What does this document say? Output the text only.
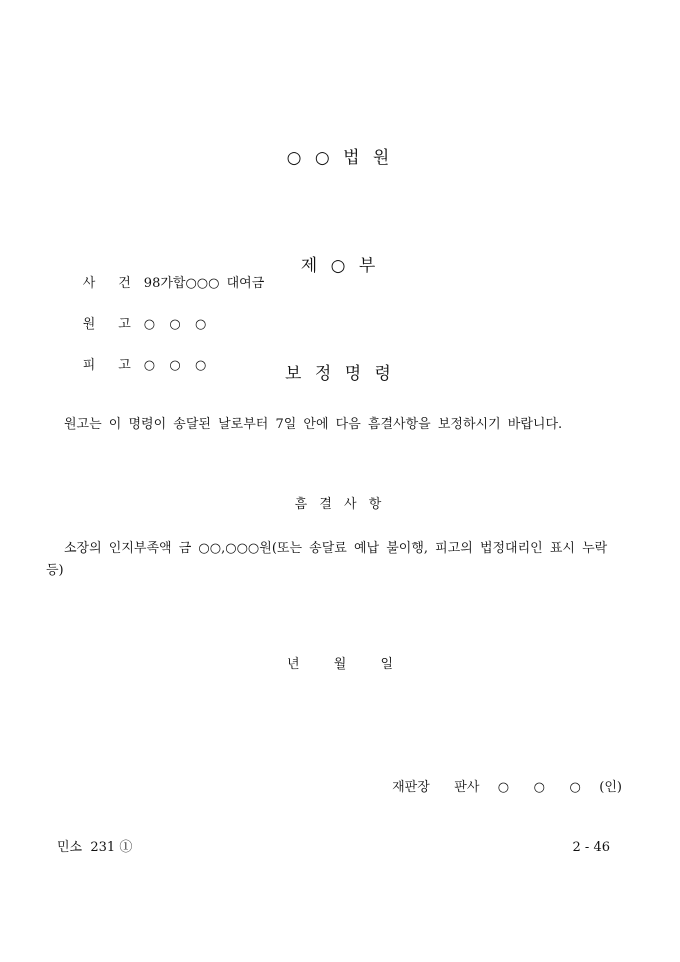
○ ○ 법 원

제 ○ 부

보 정 명 령

사 건 98가합○○○ 대여금

원 고 ○  ○  ○

피 고 ○  ○  ○

원고는 이 명령이 송달된 날로부터 7일 안에 다음 흠결사항을 보정하시기 바랍니다.

흠 결 사 항
소장의 인지부족액 금 ○○,○○○원(또는 송달료 예납 불이행, 피고의 법정대리인 표시 누락
등)
년	월	일
재판장    판사   ○    ○    ○   (인)
민소  231 ①	2 - 46
